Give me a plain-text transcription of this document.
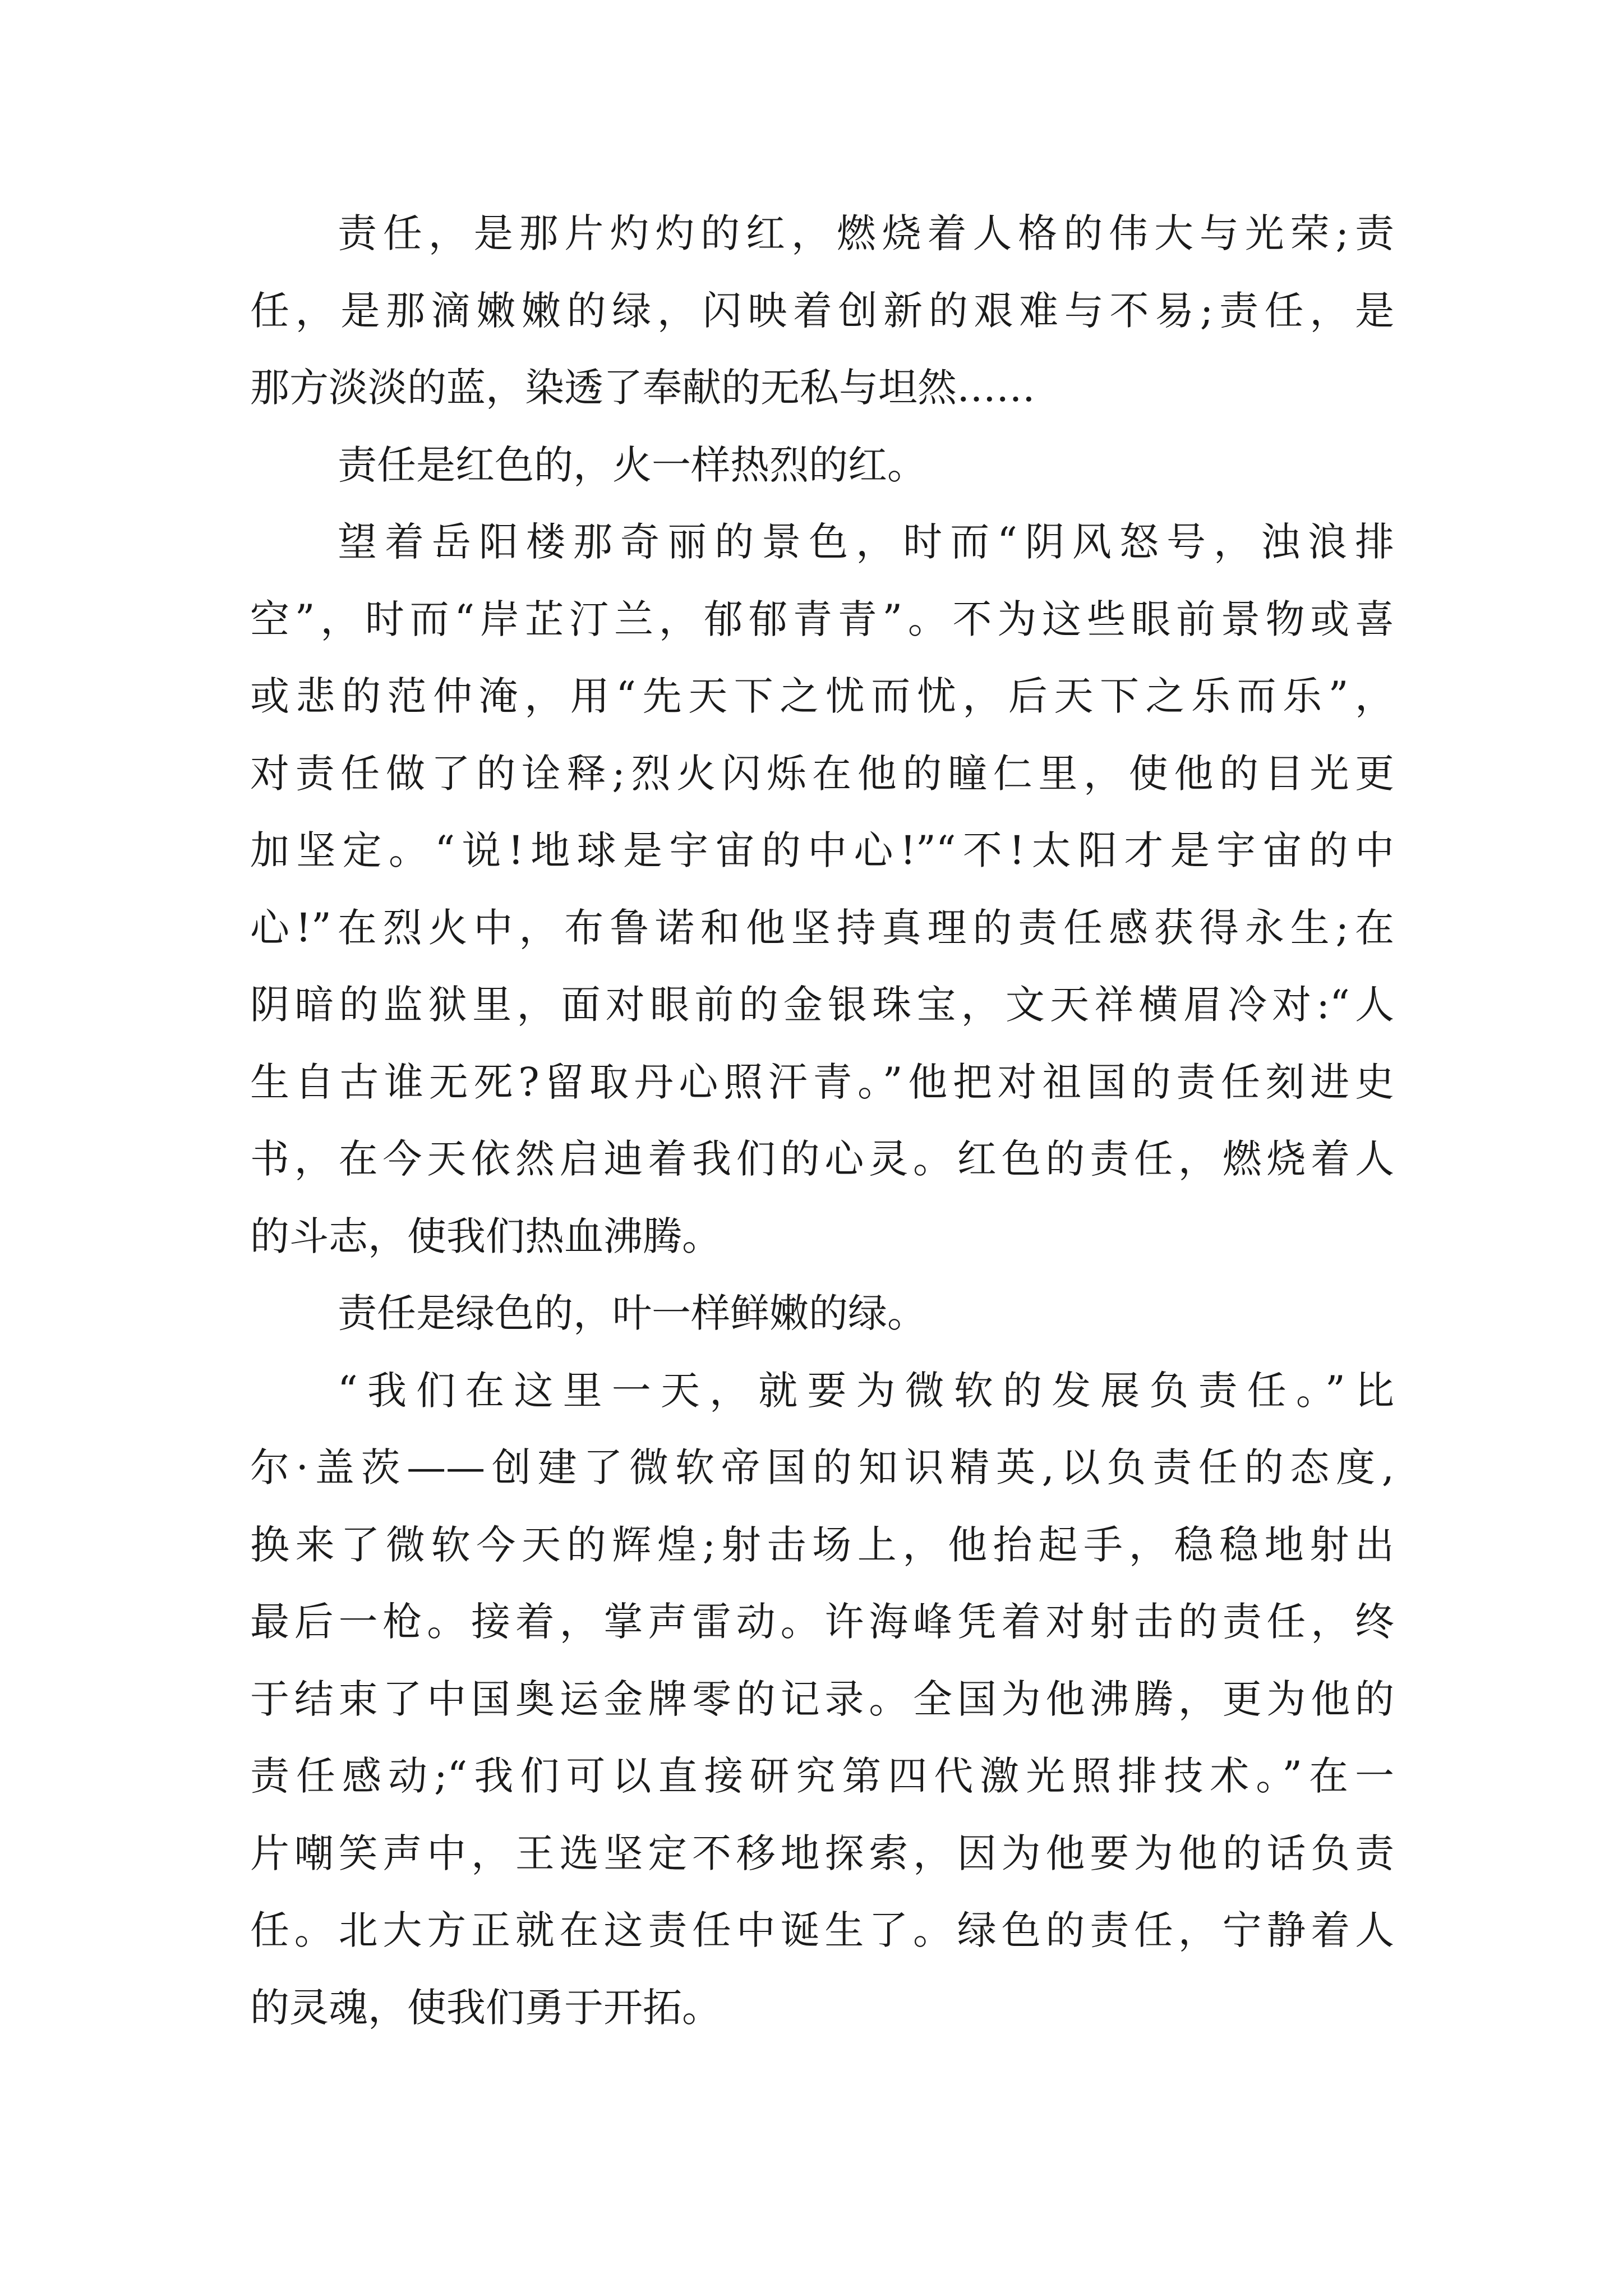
责任，是那片灼灼的红，燃烧着人格的伟大与光荣;责
任，是那滴嫩嫩的绿，闪映着创新的艰难与不易;责任，是
那方淡淡的蓝，染透了奉献的无私与坦然……
责任是红色的，火一样热烈的红。
望着岳阳楼那奇丽的景色，时而“阴风怒号，浊浪排
空”，时而“岸芷汀兰，郁郁青青”。不为这些眼前景物或喜
或悲的范仲淹，用“先天下之忧而忧，后天下之乐而乐”，
对责任做了的诠释;烈火闪烁在他的瞳仁里，使他的目光更
加坚定。“说!地球是宇宙的中心!”“不!太阳才是宇宙的中
心!”在烈火中，布鲁诺和他坚持真理的责任感获得永生;在
阴暗的监狱里，面对眼前的金银珠宝，文天祥横眉冷对:“人
生自古谁无死?留取丹心照汗青。”他把对祖国的责任刻进史
书，在今天依然启迪着我们的心灵。红色的责任，燃烧着人
的斗志，使我们热血沸腾。
责任是绿色的，叶一样鲜嫩的绿。
“我们在这里一天，就要为微软的发展负责任。”比
尔·盖茨——创建了微软帝国的知识精英,以负责任的态度,
换来了微软今天的辉煌;射击场上，他抬起手，稳稳地射出
最后一枪。接着，掌声雷动。许海峰凭着对射击的责任，终
于结束了中国奥运金牌零的记录。全国为他沸腾，更为他的
责任感动;“我们可以直接研究第四代激光照排技术。”在一
片嘲笑声中，王选坚定不移地探索，因为他要为他的话负责
任。北大方正就在这责任中诞生了。绿色的责任，宁静着人
的灵魂，使我们勇于开拓。
